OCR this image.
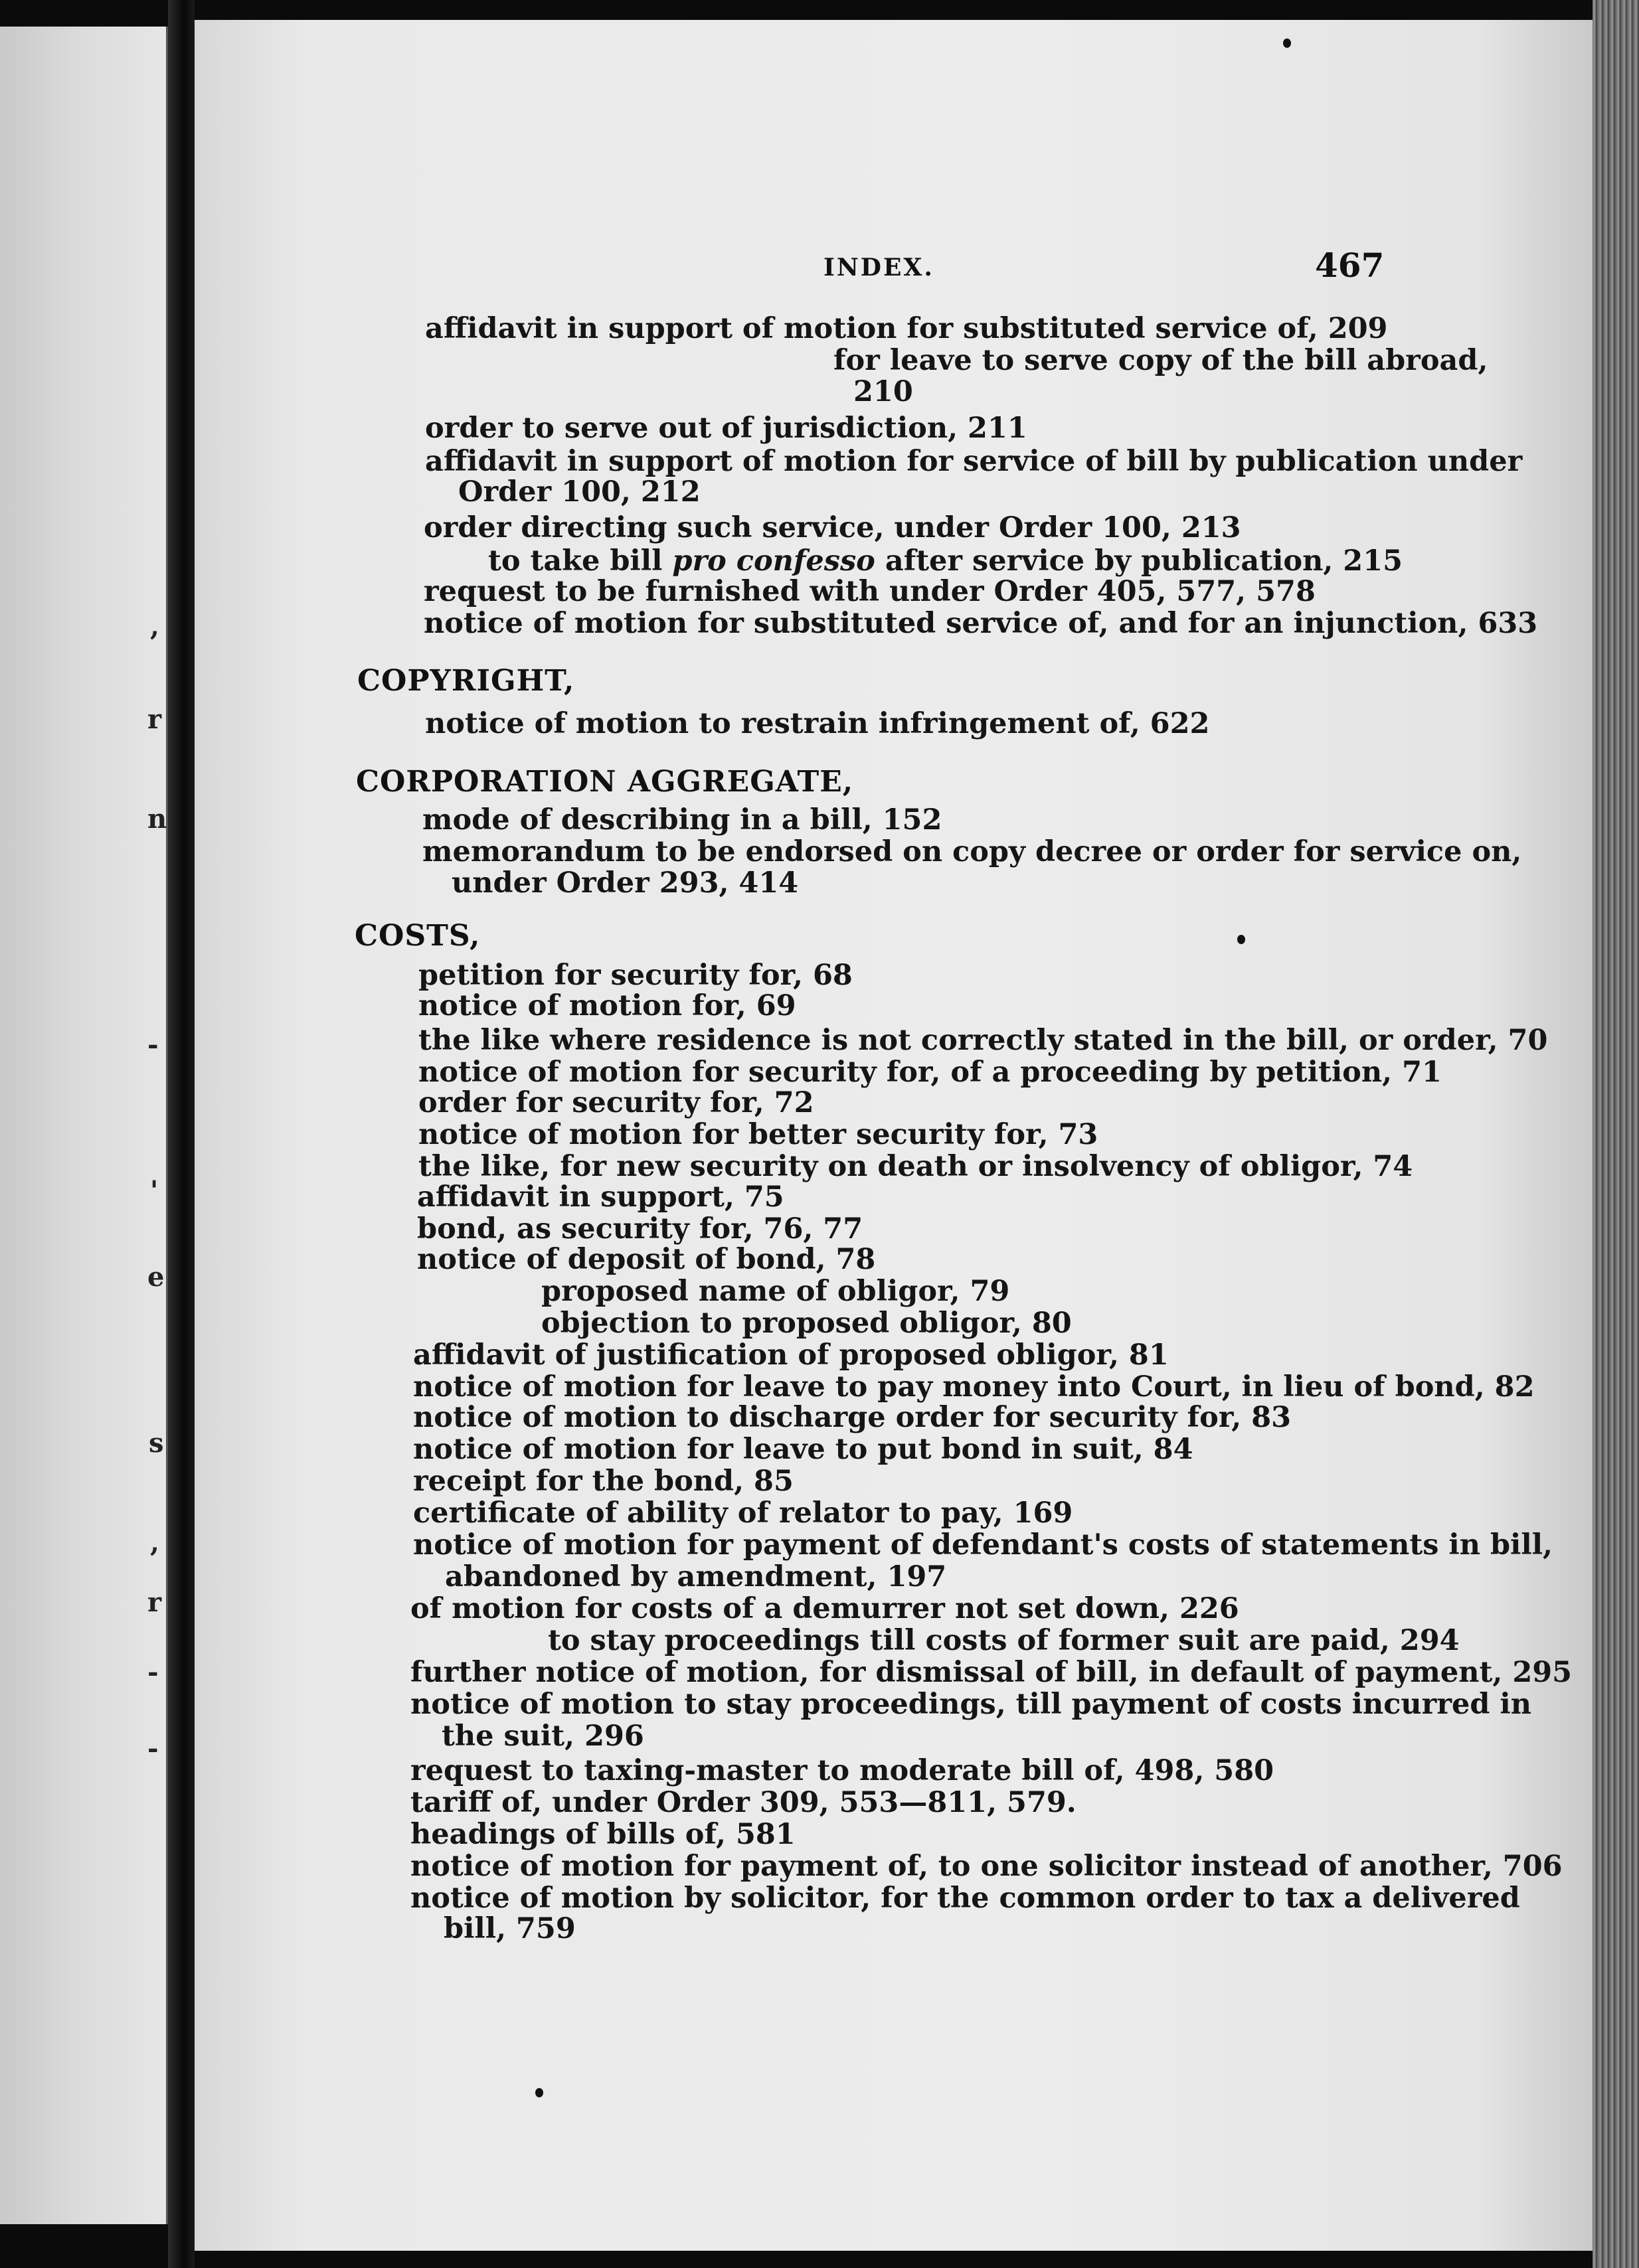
,
r
n
-
'
e
s
,
r
-
-
INDEX.	467
affidavit in support of motion for substituted service of, 209
for leave to serve copy of the bill abroad,
210
order to serve out of jurisdiction, 211
affidavit in support of motion for service of bill by publication under
Order 100, 212
order directing such service, under Order 100, 213
to take bill pro confesso after service by publication, 215
request to be furnished with under Order 405, 577, 578
notice of motion for substituted service of, and for an injunction, 633
COPYRIGHT,
notice of motion to restrain infringement of, 622
CORPORATION AGGREGATE,
mode of describing in a bill, 152
memorandum to be endorsed on copy decree or order for service on,
under Order 293, 414
COSTS,
petition for security for, 68
notice of motion for, 69
the like where residence is not correctly stated in the bill, or order, 70
notice of motion for security for, of a proceeding by petition, 71
order for security for, 72
notice of motion for better security for, 73
the like, for new security on death or insolvency of obligor, 74
affidavit in support, 75
bond, as security for, 76, 77
notice of deposit of bond, 78
proposed name of obligor, 79
objection to proposed obligor, 80
affidavit of justification of proposed obligor, 81
notice of motion for leave to pay money into Court, in lieu of bond, 82
notice of motion to discharge order for security for, 83
notice of motion for leave to put bond in suit, 84
receipt for the bond, 85
certificate of ability of relator to pay, 169
notice of motion for payment of defendant's costs of statements in bill,
abandoned by amendment, 197
of motion for costs of a demurrer not set down, 226
to stay proceedings till costs of former suit are paid, 294
further notice of motion, for dismissal of bill, in default of payment, 295
notice of motion to stay proceedings, till payment of costs incurred in
the suit, 296
request to taxing-master to moderate bill of, 498, 580
tariff of, under Order 309, 553—811, 579.
headings of bills of, 581
notice of motion for payment of, to one solicitor instead of another, 706
notice of motion by solicitor, for the common order to tax a delivered
bill, 759
